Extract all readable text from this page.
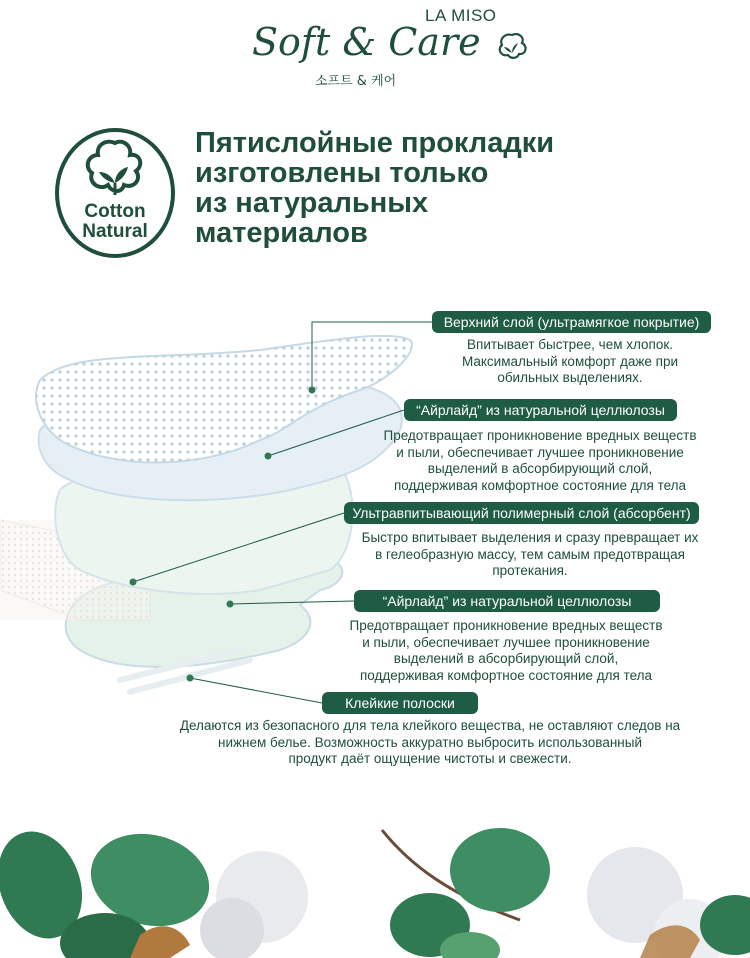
LA MISO
Soft & Care
소프트 & 케어
Cotton
Natural
Пятислойные прокладки
изготовлены только
из натуральных
материалов
Верхний слой (ультрамягкое покрытие)
Впитывает быстрее, чем хлопок.
Максимальный комфорт даже при
обильных выделениях.
“Айрлайд” из натуральной целлюлозы
Предотвращает проникновение вредных веществ
и пыли, обеспечивает лучшее проникновение
выделений в абсорбирующий слой,
поддерживая комфортное состояние для тела
Ультравпитывающий полимерный слой (абсорбент)
Быстро впитывает выделения и сразу превращает их
в гелеобразную массу, тем самым предотвращая
протекания.
“Айрлайд” из натуральной целлюлозы
Предотвращает проникновение вредных веществ
и пыли, обеспечивает лучшее проникновение
выделений в абсорбирующий слой,
поддерживая комфортное состояние для тела
Клейкие полоски
Делаются из безопасного для тела клейкого вещества, не оставляют следов на
нижнем белье. Возможность аккуратно выбросить использованный
продукт даёт ощущение чистоты и свежести.
